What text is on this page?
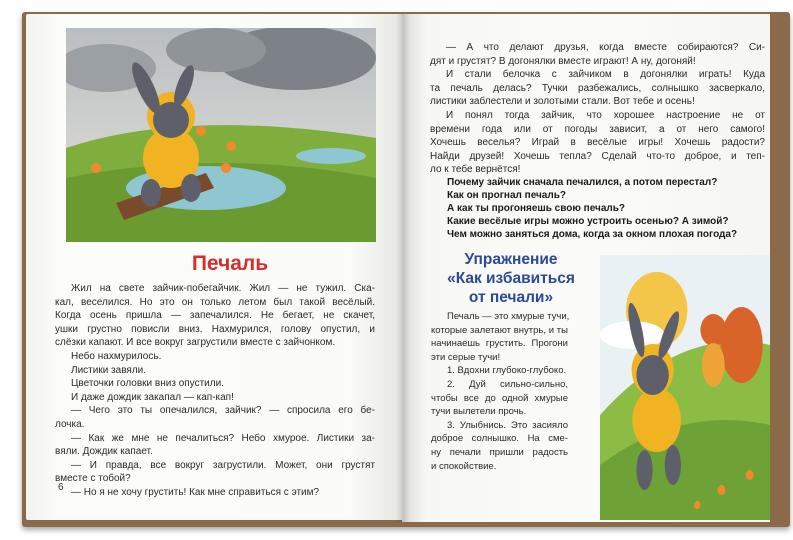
Печаль
Жил на свете зайчик-побегайчик. Жил — не тужил. Ска-
кал, веселился. Но это он только летом был такой весёлый.
Когда осень пришла — запечалился. Не бегает, не скачет,
ушки грустно повисли вниз. Нахмурился, голову опустил, и
слёзки капают. И все вокруг загрустили вместе с зайчонком.
Небо нахмурилось.
Листики завяли.
Цветочки головки вниз опустили.
И даже дождик закапал — кап-кап!
— Чего это ты опечалился, зайчик? — спросила его бе-
лочка.
— Как же мне не печалиться? Небо хмурое. Листики за-
вяли. Дождик капает.
— И правда, все вокруг загрустили. Может, они грустят
вместе с тобой?
— Но я не хочу грустить! Как мне справиться с этим?
6
— А что делают друзья, когда вместе собираются? Си-
дят и грустят? В догонялки вместе играют! А ну, догоняй!
И стали белочка с зайчиком в догонялки играть! Куда
та печаль делась? Тучки разбежались, солнышко засверкало,
листики заблестели и золотыми стали. Вот тебе и осень!
И понял тогда зайчик, что хорошее настроение не от
времени года или от погоды зависит, а от него самого!
Хочешь веселья? Играй в весёлые игры! Хочешь радости?
Найди друзей! Хочешь тепла? Сделай что-то доброе, и теп-
ло к тебе вернётся!
Почему зайчик сначала печалился, а потом перестал?
Как он прогнал печаль?
А как ты прогоняешь свою печаль?
Какие весёлые игры можно устроить осенью? А зимой?
Чем можно заняться дома, когда за окном плохая погода?
Упражнение
«Как избавиться
от печали»
Печаль — это хмурые тучи,
которые залетают внутрь, и ты
начинаешь грустить. Прогони
эти серые тучи!
1. Вдохни глубоко-глубоко.
2. Дуй сильно-сильно,
чтобы все до одной хмурые
тучи вылетели прочь.
3. Улыбнись. Это засияло
доброе солнышко. На сме-
ну печали пришли радость
и спокойствие.
